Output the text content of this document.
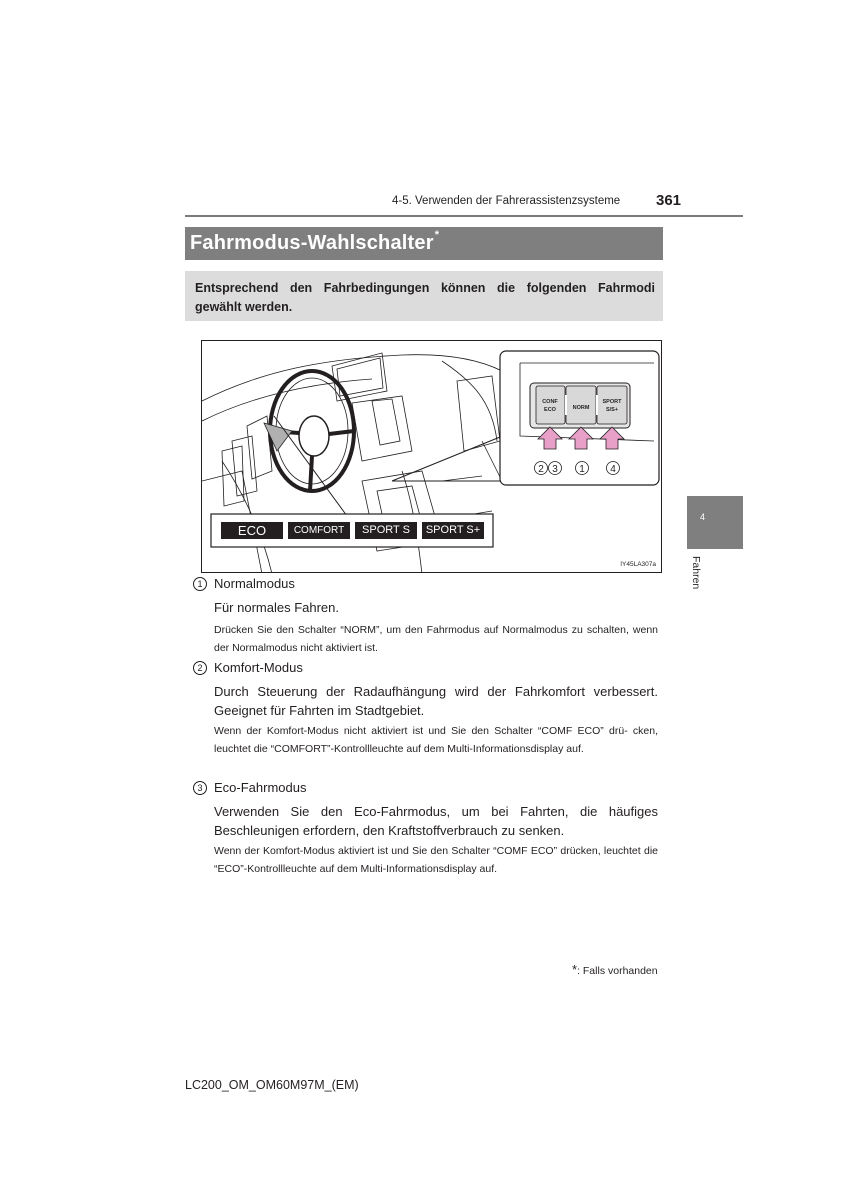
4-5. Verwenden der Fahrerassistenzsysteme 361
Fahrmodus-Wahlschalter*
Entsprechend den Fahrbedingungen können die folgenden Fahrmodi gewählt werden.
CONF
ECO	NORM
SPORT
S/S+
2 3 1	4
ECO	COMFORT	SPORT S	SPORT S+
IY45LA307a
1 Normalmodus
Für normales Fahren.
Drücken Sie den Schalter “NORM”, um den Fahrmodus auf Normalmodus zu schalten, wenn der Normalmodus nicht aktiviert ist.
2 Komfort-Modus
Durch Steuerung der Radaufhängung wird der Fahrkomfort verbessert. Geeignet für Fahrten im Stadtgebiet.
Wenn der Komfort-Modus nicht aktiviert ist und Sie den Schalter “COMF ECO” drü- cken, leuchtet die “COMFORT”-Kontrollleuchte auf dem Multi-Informationsdisplay auf.
3 Eco-Fahrmodus
Verwenden Sie den Eco-Fahrmodus, um bei Fahrten, die häufiges Beschleunigen erfordern, den Kraftstoffverbrauch zu senken.
Wenn der Komfort-Modus aktiviert ist und Sie den Schalter “COMF ECO” drücken, leuchtet die “ECO”-Kontrollleuchte auf dem Multi-Informationsdisplay auf.
*: Falls vorhanden
LC200_OM_OM60M97M_(EM)
4
Fahren
